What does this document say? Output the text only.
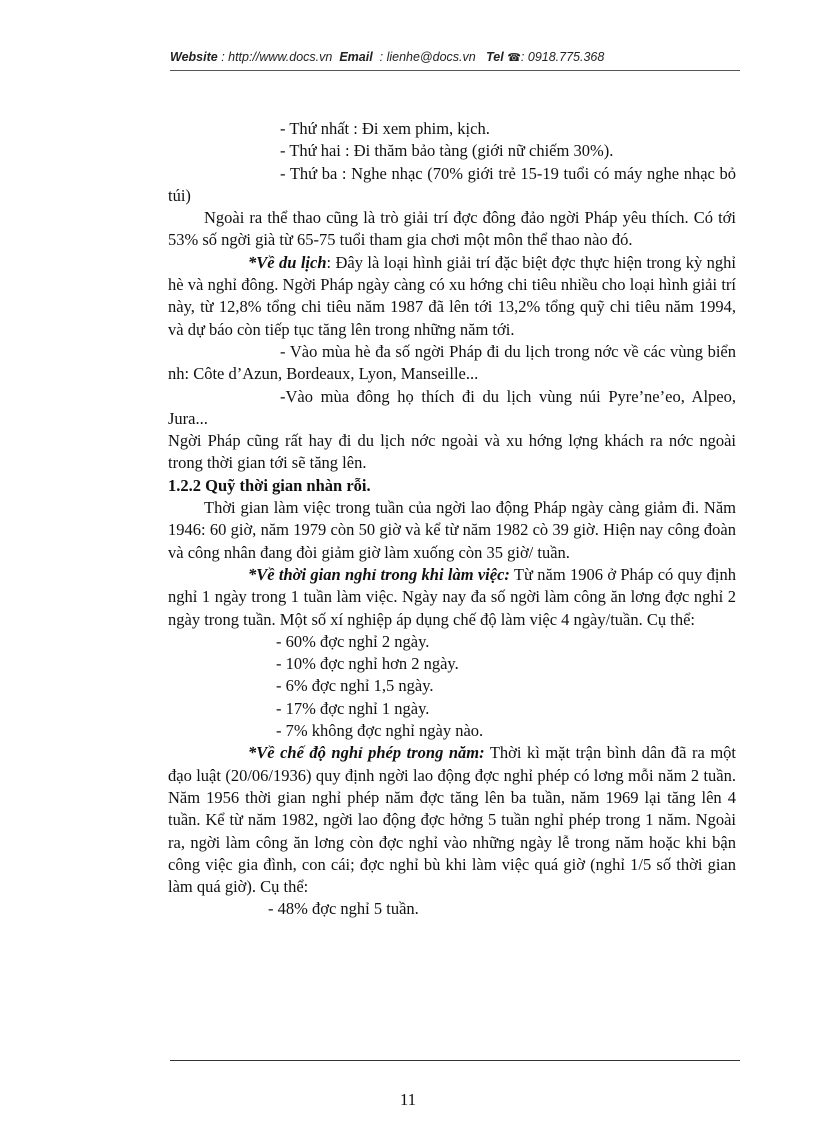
Website : http://www.docs.vn Email : lienhe@docs.vn Tel ☎: 0918.775.368

- Thứ nhất : Đi xem phim, kịch.

- Thứ hai : Đi thăm bảo tàng (giới nữ chiếm 30%).

- Thứ ba : Nghe nhạc (70% giới trẻ 15-19 tuổi có máy nghe nhạc bỏ túi)

Ngoài ra thể thao cũng là trò giải trí đợc đông đảo ngời Pháp yêu thích. Có tới 53% số ngời già từ 65-75 tuổi tham gia chơi một môn thể thao nào đó.

*Về du lịch: Đây là loại hình giải trí đặc biệt đợc thực hiện trong kỳ nghỉ hè và nghỉ đông. Ngời Pháp ngày càng có xu hớng chi tiêu nhiều cho loại hình giải trí này, từ 12,8% tổng chi tiêu năm 1987 đã lên tới 13,2% tổng quỹ chi tiêu năm 1994, và dự báo còn tiếp tục tăng lên trong những năm tới.

- Vào mùa hè đa số ngời Pháp đi du lịch trong nớc về các vùng biển nh: Côte d’Azun, Bordeaux, Lyon, Manseille...

-Vào mùa đông họ thích đi du lịch vùng núi Pyre’ne’eo, Alpeo, Jura...

Ngời Pháp cũng rất hay đi du lịch nớc ngoài và xu hớng lợng khách ra nớc ngoài trong thời gian tới sẽ tăng lên.

1.2.2 Quỹ thời gian nhàn rỗi.

Thời gian làm việc trong tuần của ngời lao động Pháp ngày càng giảm đi. Năm 1946: 60 giờ, năm 1979 còn 50 giờ và kể từ năm 1982 cò 39 giờ. Hiện nay công đoàn và công nhân đang đòi giảm giờ làm xuống còn 35 giờ/ tuần.

*Về thời gian nghỉ trong khi làm việc: Từ năm 1906 ở Pháp có quy định nghỉ 1 ngày trong 1 tuần làm việc. Ngày nay đa số ngời làm công ăn lơng đợc nghỉ 2 ngày trong tuần. Một số xí nghiệp áp dụng chế độ làm việc 4 ngày/tuần. Cụ thể:

- 60% đợc nghỉ 2 ngày.

- 10% đợc nghỉ hơn 2 ngày.

- 6% đợc nghỉ 1,5 ngày.

- 17% đợc nghỉ 1 ngày.

- 7% không đợc nghỉ ngày nào.

*Về chế độ nghỉ phép trong năm: Thời kì mặt trận bình dân đã ra một đạo luật (20/06/1936) quy định ngời lao động đợc nghỉ phép có lơng mỗi năm 2 tuần. Năm 1956 thời gian nghỉ phép năm đợc tăng lên ba tuần, năm 1969 lại tăng lên 4 tuần. Kể từ năm 1982, ngời lao động đợc hởng 5 tuần nghỉ phép trong 1 năm. Ngoài ra, ngời làm công ăn lơng còn đợc nghỉ vào những ngày lễ trong năm hoặc khi bận công việc gia đình, con cái; đợc nghỉ bù khi làm việc quá giờ (nghỉ 1/5 số thời gian làm quá giờ). Cụ thể:

- 48% đợc nghỉ 5 tuần.

11
